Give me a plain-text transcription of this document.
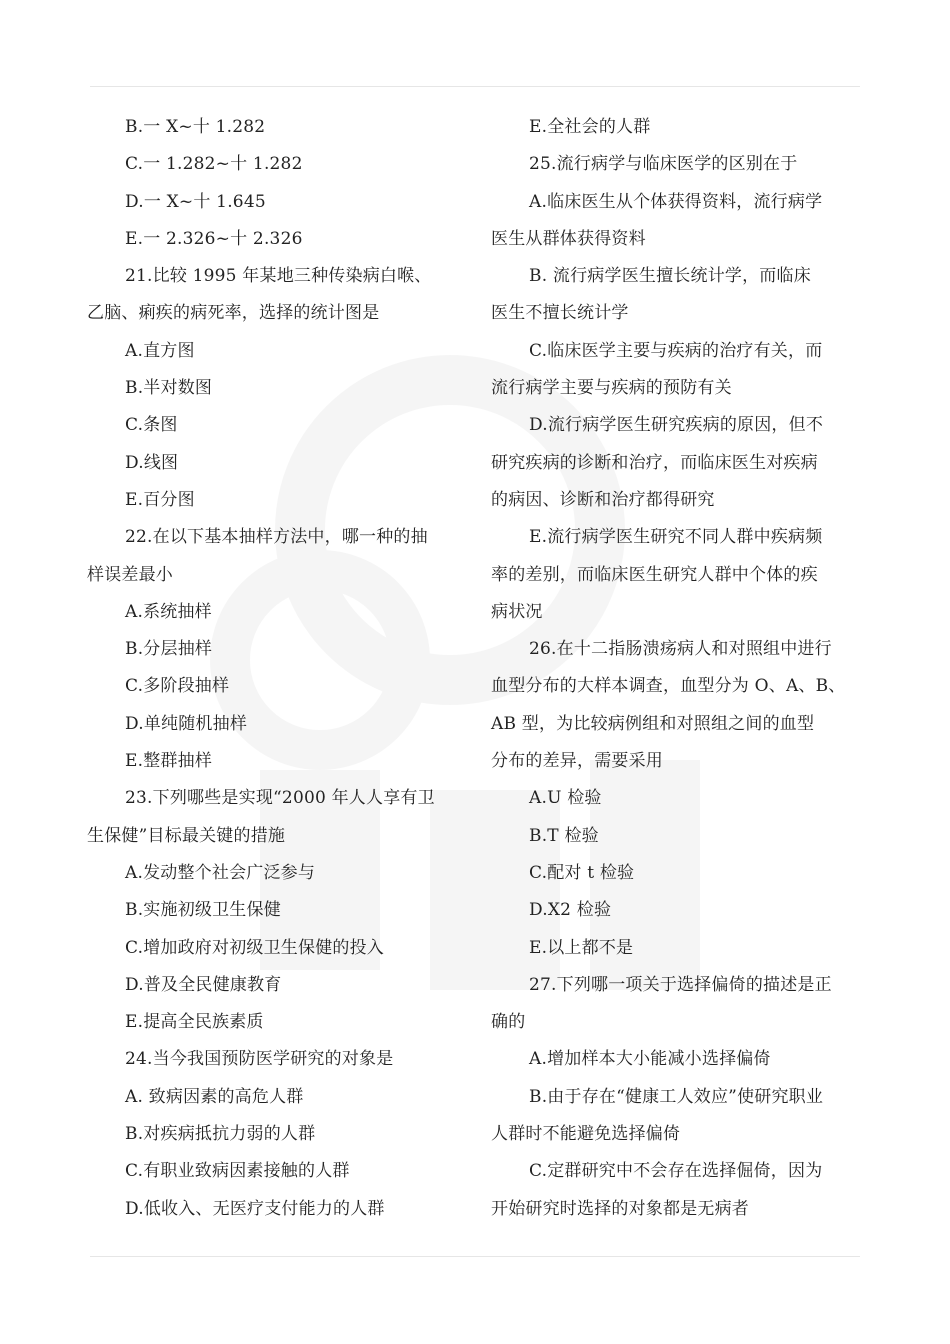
B.一 X~十 1.282
C.一 1.282~十 1.282
D.一 X~十 1.645
E.一 2.326~十 2.326
21.比较 1995 年某地三种传染病白喉、
乙脑、痢疾的病死率，选择的统计图是
A.直方图
B.半对数图
C.条图
D.线图
E.百分图
22.在以下基本抽样方法中，哪一种的抽
样误差最小
A.系统抽样
B.分层抽样
C.多阶段抽样
D.单纯随机抽样
E.整群抽样
23.下列哪些是实现“2000 年人人享有卫
生保健”目标最关键的措施
A.发动整个社会广泛参与
B.实施初级卫生保健
C.增加政府对初级卫生保健的投入
D.普及全民健康教育
E.提高全民族素质
24.当今我国预防医学研究的对象是
A. 致病因素的高危人群
B.对疾病抵抗力弱的人群
C.有职业致病因素接触的人群
D.低收入、无医疗支付能力的人群
E.全社会的人群
25.流行病学与临床医学的区别在于
A.临床医生从个体获得资料，流行病学
医生从群体获得资料
B. 流行病学医生擅长统计学，而临床
医生不擅长统计学
C.临床医学主要与疾病的治疗有关，而
流行病学主要与疾病的预防有关
D.流行病学医生研究疾病的原因，但不
研究疾病的诊断和治疗，而临床医生对疾病
的病因、诊断和治疗都得研究
E.流行病学医生研究不同人群中疾病频
率的差别，而临床医生研究人群中个体的疾
病状况
26.在十二指肠溃疡病人和对照组中进行
血型分布的大样本调查，血型分为 O、A、B、
AB 型，为比较病例组和对照组之间的血型
分布的差异，需要采用
A.U 检验
B.T 检验
C.配对 t 检验
D.X2 检验
E.以上都不是
27.下列哪一项关于选择偏倚的描述是正
确的
A.增加样本大小能减小选择偏倚
B.由于存在“健康工人效应”使研究职业
人群时不能避免选择偏倚
C.定群研究中不会存在选择倔倚，因为
开始研究时选择的对象都是无病者
